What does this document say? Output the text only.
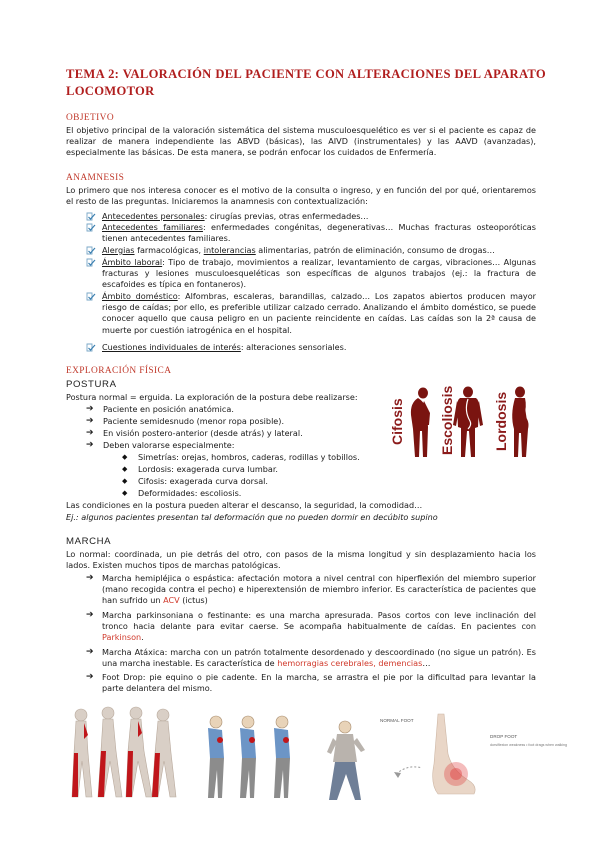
TEMA 2: VALORACIÓN DEL PACIENTE CON ALTERACIONES DEL APARATO LOCOMOTOR
OBJETIVO
El objetivo principal de la valoración sistemática del sistema musculoesquelético es ver si el paciente es capaz de realizar de manera independiente las ABVD (básicas), las AIVD (instrumentales) y las AAVD (avanzadas), especialmente las básicas. De esta manera, se podrán enfocar los cuidados de Enfermería.
ANAMNESIS
Lo primero que nos interesa conocer es el motivo de la consulta o ingreso, y en función del por qué, orientaremos el resto de las preguntas. Iniciaremos la anamnesis con contextualización:
Antecedentes personales: cirugías previas, otras enfermedades…
Antecedentes familiares: enfermedades congénitas, degenerativas… Muchas fracturas osteoporóticas tienen antecedentes familiares.
Alergias farmacológicas, intolerancias alimentarias, patrón de eliminación, consumo de drogas…
Ámbito laboral: Tipo de trabajo, movimientos a realizar, levantamiento de cargas, vibraciones… Algunas fracturas y lesiones musculoesqueléticas son específicas de algunos trabajos (ej.: la fractura de escafoides es típica en fontaneros).
Ámbito doméstico: Alfombras, escaleras, barandillas, calzado… Los zapatos abiertos producen mayor riesgo de caídas; por ello, es preferible utilizar calzado cerrado. Analizando el ámbito doméstico, se puede conocer aquello que causa peligro en un paciente reincidente en caídas. Las caídas son la 2ª causa de muerte por cuestión iatrogénica en el hospital.
Cuestiones individuales de interés: alteraciones sensoriales.
EXPLORACIÓN FÍSICA
POSTURA
Postura normal = erguida. La exploración de la postura debe realizarse:
➔ Paciente en posición anatómica.
➔ Paciente semidesnudo (menor ropa posible).
➔ En visión postero-anterior (desde atrás) y lateral.
➔ Deben valorarse especialmente:
◆ Simetrías: orejas, hombros, caderas, rodillas y tobillos.
◆ Lordosis: exagerada curva lumbar.
◆ Cifosis: exagerada curva dorsal.
◆ Deformidades: escoliosis.
Las condiciones en la postura pueden alterar el descanso, la seguridad, la comodidad…
Ej.: algunos pacientes presentan tal deformación que no pueden dormir en decúbito supino
Cifosis Escoliosis	Lordosis
MARCHA
Lo normal: coordinada, un pie detrás del otro, con pasos de la misma longitud y sin desplazamiento hacia los lados. Existen muchos tipos de marchas patológicas.
➔ Marcha hemipléjica o espástica: afectación motora a nivel central con hiperflexión del miembro superior (mano recogida contra el pecho) e hiperextensión de miembro inferior. Es característica de pacientes que han sufrido un ACV (ictus)
➔ Marcha parkinsoniana o festinante: es una marcha apresurada. Pasos cortos con leve inclinación del tronco hacia delante para evitar caerse. Se acompaña habitualmente de caídas. En pacientes con Parkinson.
➔ Marcha Atáxica: marcha con un patrón totalmente desordenado y descoordinado (no sigue un patrón). Es una marcha inestable. Es característica de hemorragias cerebrales, demencias…
➔ Foot Drop: pie equino o pie cadente. En la marcha, se arrastra el pie por la dificultad para levantar la parte delantera del mismo.
NORMAL FOOT
DROP FOOT
dorsiflexion weakness • foot drags when walking
